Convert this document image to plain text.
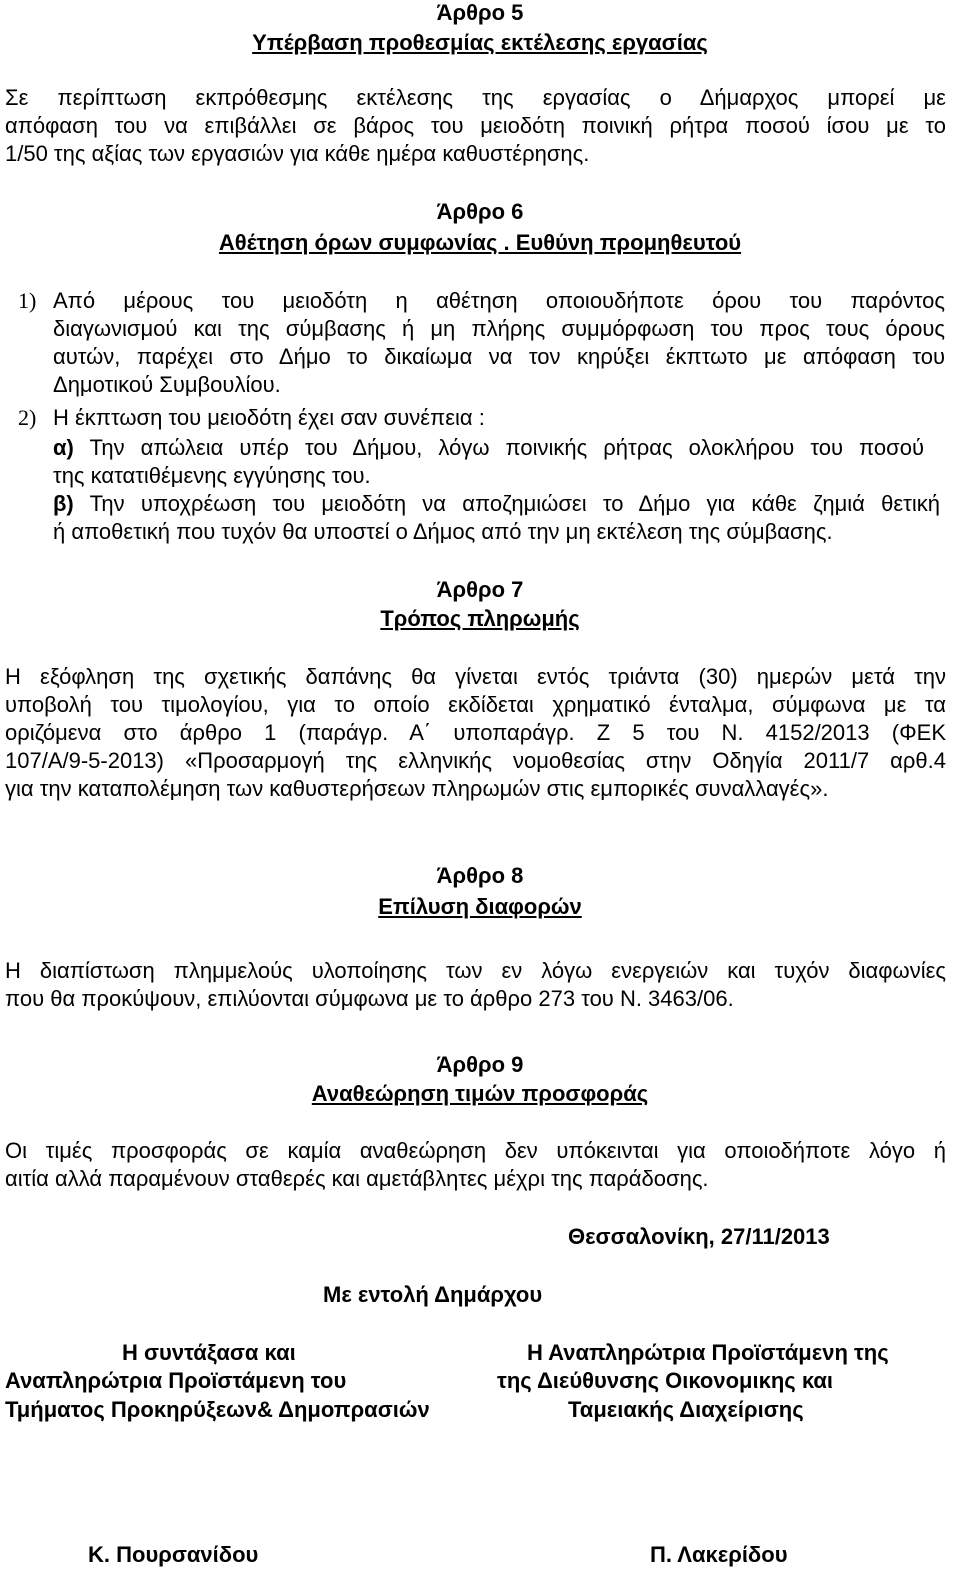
Άρθρο 5
Υπέρβαση προθεσμίας εκτέλεσης εργασίας
Σε περίπτωση εκπρόθεσμης εκτέλεσης της εργασίας ο Δήμαρχος μπορεί με
απόφαση του να επιβάλλει σε βάρος του μειοδότη ποινική ρήτρα ποσού ίσου με το
1/50 της αξίας των εργασιών για κάθε ημέρα καθυστέρησης.
Άρθρο 6
Αθέτηση όρων συμφωνίας . Ευθύνη προμηθευτού
1) Από μέρους του μειοδότη η αθέτηση οποιουδήποτε όρου του παρόντος
διαγωνισμού και της σύμβασης ή μη πλήρης συμμόρφωση του προς τους όρους
αυτών, παρέχει στο Δήμο το δικαίωμα να τον κηρύξει έκπτωτο με απόφαση του
Δημοτικού Συμβουλίου.
2) Η έκπτωση του μειοδότη έχει σαν συνέπεια :
α) Την απώλεια υπέρ του Δήμου, λόγω ποινικής ρήτρας ολοκλήρου του ποσού
της κατατιθέμενης εγγύησης του.
β) Την υποχρέωση του μειοδότη να αποζημιώσει το Δήμο για κάθε ζημιά θετική
ή αποθετική που τυχόν θα υποστεί ο Δήμος από την μη εκτέλεση της σύμβασης.
Άρθρο 7
Τρόπος πληρωμής
Η εξόφληση της σχετικής δαπάνης θα γίνεται εντός τριάντα (30) ημερών μετά την
υποβολή του τιμολογίου, για το οποίο εκδίδεται χρηματικό ένταλμα, σύμφωνα με τα
οριζόμενα στο άρθρο 1 (παράγρ. Α΄ υποπαράγρ. Ζ 5 του Ν. 4152/2013 (ΦΕΚ
107/Α/9-5-2013) «Προσαρμογή της ελληνικής νομοθεσίας στην Οδηγία 2011/7 αρθ.4
για την καταπολέμηση των καθυστερήσεων πληρωμών στις εμπορικές συναλλαγές».
Άρθρο 8
Επίλυση διαφορών
Η διαπίστωση πλημμελούς υλοποίησης των εν λόγω ενεργειών και τυχόν διαφωνίες
που θα προκύψουν, επιλύονται σύμφωνα με το άρθρο 273 του Ν. 3463/06.
Άρθρο 9
Αναθεώρηση τιμών προσφοράς
Οι τιμές προσφοράς σε καμία αναθεώρηση δεν υπόκεινται για οποιοδήποτε λόγο ή
αιτία αλλά παραμένουν σταθερές και αμετάβλητες μέχρι της παράδοσης.
Θεσσαλονίκη, 27/11/2013
Με εντολή Δημάρχου
Η συντάξασα και
Αναπληρώτρια Προϊστάμενη του
Τμήματος Προκηρύξεων& Δημοπρασιών
Η Αναπληρώτρια Προϊστάμενη της
της Διεύθυνσης Οικονομικης και
Ταμειακής Διαχείρισης
Κ. Πουρσανίδου	Π. Λακερίδου
